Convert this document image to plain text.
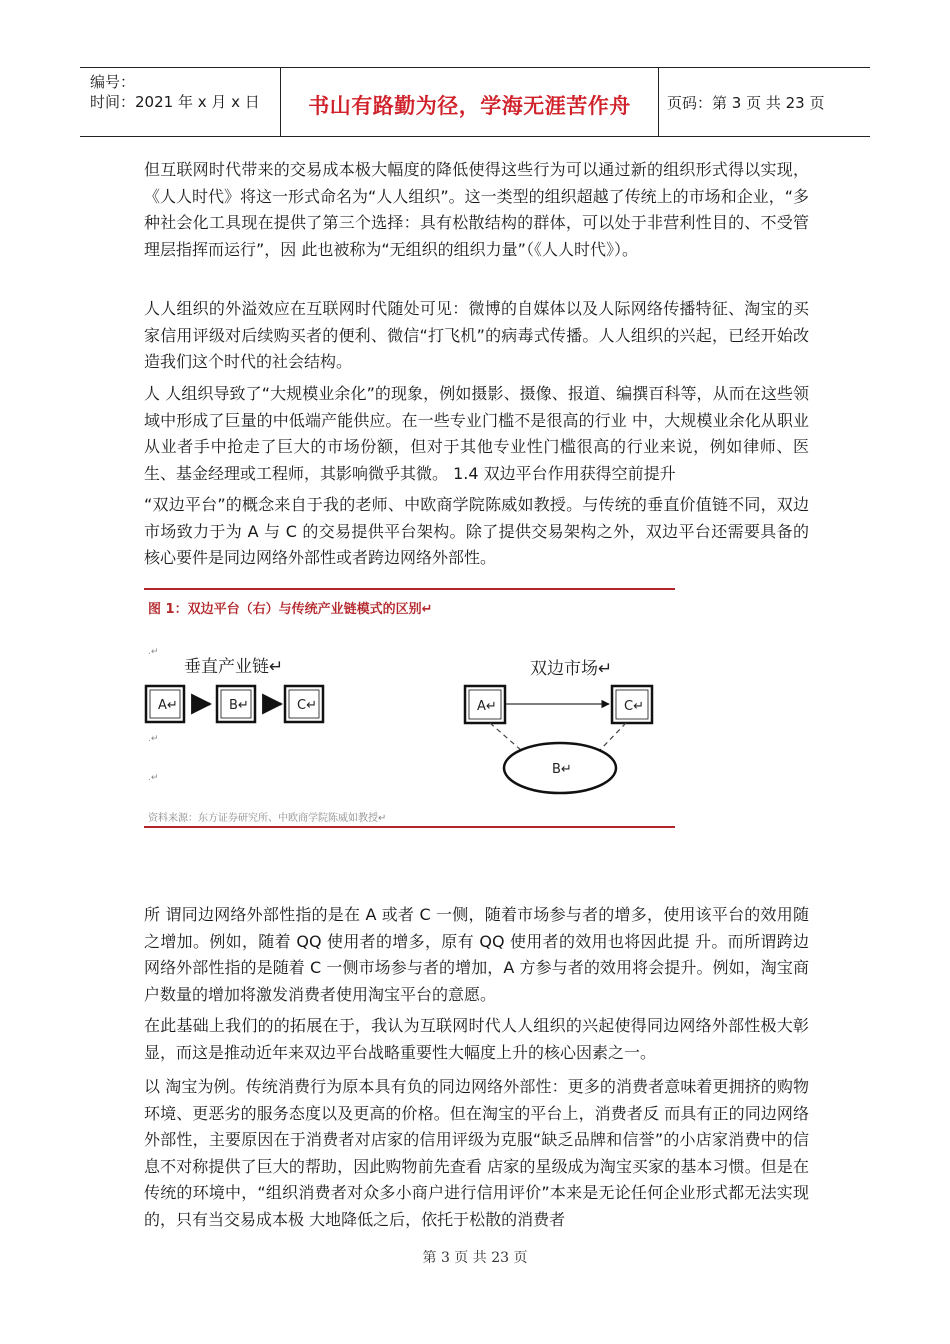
编号：
时间：2021 年 x 月 x 日	书山有路勤为径，学海无涯苦作舟	页码：第 3 页 共 23 页
但互联网时代带来的交易成本极大幅度的降低使得这些行为可以通过新的组织形式得以实现，《人人时代》将这一形式命名为“人人组织”。这一类型的组织超越了传统上的市场和企业，“多种社会化工具现在提供了第三个选择：具有松散结构的群体，可以处于非营利性目的、不受管理层指挥而运行”，因 此也被称为“无组织的组织力量”（《人人时代》）。
人人组织的外溢效应在互联网时代随处可见：微博的自媒体以及人际网络传播特征、淘宝的买家信用评级对后续购买者的便利、微信“打飞机”的病毒式传播。人人组织的兴起，已经开始改造我们这个时代的社会结构。
人 人组织导致了“大规模业余化”的现象，例如摄影、摄像、报道、编撰百科等，从而在这些领域中形成了巨量的中低端产能供应。在一些专业门槛不是很高的行业 中，大规模业余化从职业从业者手中抢走了巨大的市场份额，但对于其他专业性门槛很高的行业来说，例如律师、医生、基金经理或工程师，其影响微乎其微。 1.4 双边平台作用获得空前提升
“双边平台”的概念来自于我的老师、中欧商学院陈威如教授。与传统的垂直价值链不同，双边市场致力于为 A 与 C 的交易提供平台架构。除了提供交易架构之外，双边平台还需要具备的核心要件是同边网络外部性或者跨边网络外部性。
图 1：双边平台（右）与传统产业链模式的区别↵
.↵
.↵
.↵
垂直产业链↵
A↵	B↵	C↵
双边市场↵
A↵	C↵
B↵
资料来源：东方证券研究所、中欧商学院陈威如教授↵
所 谓同边网络外部性指的是在 A 或者 C 一侧，随着市场参与者的增多，使用该平台的效用随之增加。例如，随着 QQ 使用者的增多，原有 QQ 使用者的效用也将因此提 升。而所谓跨边网络外部性指的是随着 C 一侧市场参与者的增加，A 方参与者的效用将会提升。例如，淘宝商户数量的增加将激发消费者使用淘宝平台的意愿。
在此基础上我们的的拓展在于，我认为互联网时代人人组织的兴起使得同边网络外部性极大彰显，而这是推动近年来双边平台战略重要性大幅度上升的核心因素之一。
以 淘宝为例。传统消费行为原本具有负的同边网络外部性：更多的消费者意味着更拥挤的购物环境、更恶劣的服务态度以及更高的价格。但在淘宝的平台上，消费者反 而具有正的同边网络外部性，主要原因在于消费者对店家的信用评级为克服“缺乏品牌和信誉”的小店家消费中的信息不对称提供了巨大的帮助，因此购物前先查看 店家的星级成为淘宝买家的基本习惯。但是在传统的环境中，“组织消费者对众多小商户进行信用评价”本来是无论任何企业形式都无法实现的，只有当交易成本极 大地降低之后，依托于松散的消费者
第 3 页 共 23 页
